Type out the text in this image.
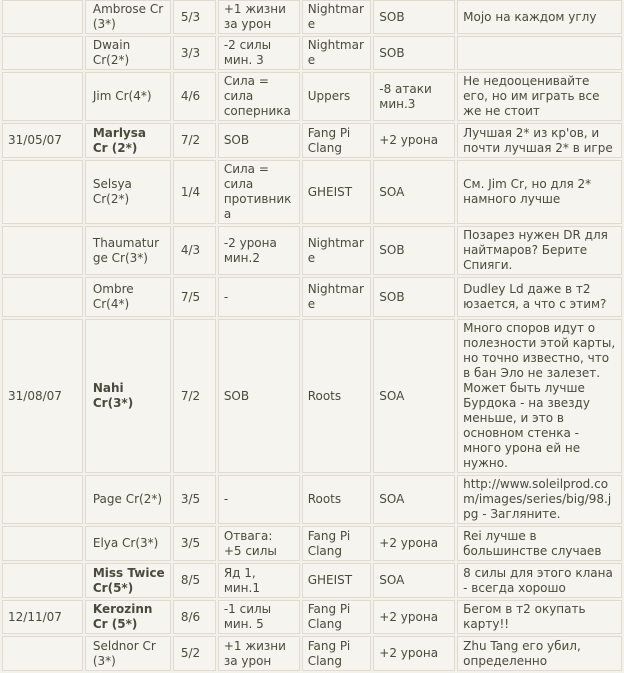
	Ambrose Cr (3*)	5/3	+1 жизни за урон	Nightmare	SOB	Mojo на каждом углу
	Dwain Cr(2*)	3/3	-2 силы мин. 3	Nightmare	SOB	
	Jim Cr(4*)	4/6	Сила = сила соперника	Uppers	-8 атаки мин.3	Не недооценивайте его, но им играть все же не стоит
31/05/07	Marlysa Cr (2*)	7/2	SOB	Fang Pi Clang	+2 урона	Лучшая 2* из кр'ов, и почти лучшая 2* в игре
	Selsya Cr(2*)	1/4	Сила = сила противника	GHEIST	SOA	См. Jim Cr, но для 2* намного лучше
	Thaumaturge Cr(3*)	4/3	-2 урона мин.2	Nightmare	SOB	Позарез нужен DR для найтмаров? Берите Спияги.
	Ombre Cr(4*)	7/5	-	Nightmare	SOB	Dudley Ld даже в т2 юзается, а что с этим?
31/08/07	Nahi Cr(3*)	7/2	SOB	Roots	SOA	Много споров идут о полезности этой карты, но точно известно, что в бан Эло не залезет. Может быть лучше Бурдока - на звезду меньше, и это в основном стенка - много урона ей не нужно.
	Page Cr(2*)	3/5	-	Roots	SOA	http://www.soleilprod.com/images/series/big/98.jpg - Загляните.
	Elya Cr(3*)	3/5	Отвага: +5 силы	Fang Pi Clang	+2 урона	Rei лучше в большинстве случаев
	Miss Twice Cr(5*)	8/5	Яд 1, мин.1	GHEIST	SOA	8 силы для этого клана - всегда хорошо
12/11/07	Kerozinn Cr (5*)	8/6	-1 силы мин. 5	Fang Pi Clang	+2 урона	Бегом в т2 окупать карту!!
	Seldnor Cr (3*)	5/2	+1 жизни за урон	Fang Pi Clang	+2 урона	Zhu Tang его убил, определенно
